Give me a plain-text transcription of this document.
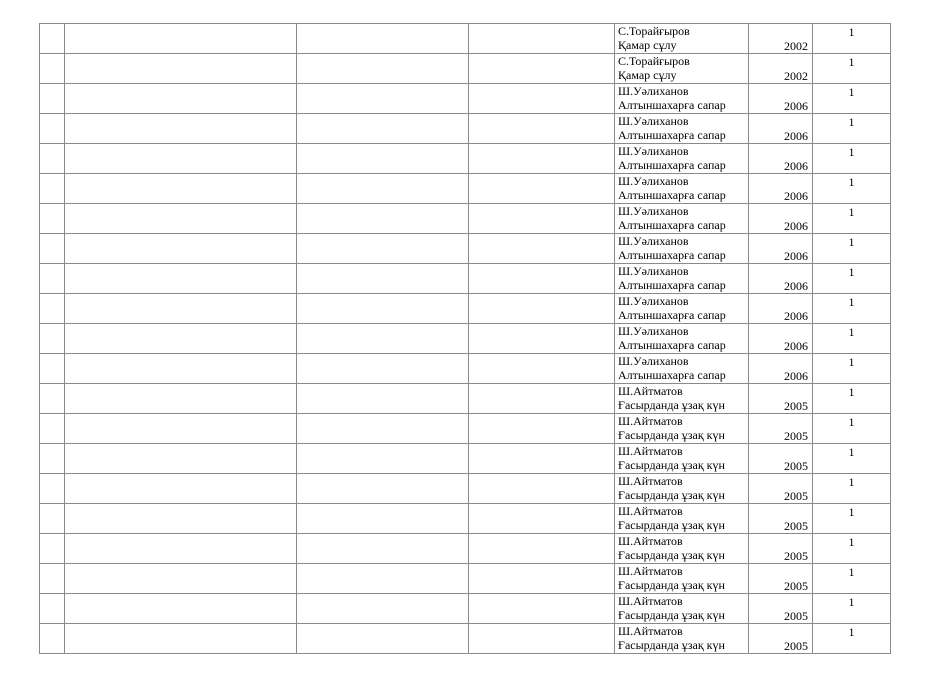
				С.Торайғыров
Қамар сұлу	2002	1

				С.Торайғыров
Қамар сұлу	2002	1

				Ш.Уәлиханов
Алтыншахарға сапар	2006	1

				Ш.Уәлиханов
Алтыншахарға сапар	2006	1

				Ш.Уәлиханов
Алтыншахарға сапар	2006	1

				Ш.Уәлиханов
Алтыншахарға сапар	2006	1

				Ш.Уәлиханов
Алтыншахарға сапар	2006	1

				Ш.Уәлиханов
Алтыншахарға сапар	2006	1

				Ш.Уәлиханов
Алтыншахарға сапар	2006	1

				Ш.Уәлиханов
Алтыншахарға сапар	2006	1

				Ш.Уәлиханов
Алтыншахарға сапар	2006	1

				Ш.Уәлиханов
Алтыншахарға сапар	2006	1

				Ш.Айтматов
Ғасырданда ұзақ күн	2005	1

				Ш.Айтматов
Ғасырданда ұзақ күн	2005	1

				Ш.Айтматов
Ғасырданда ұзақ күн	2005	1

				Ш.Айтматов
Ғасырданда ұзақ күн	2005	1

				Ш.Айтматов
Ғасырданда ұзақ күн	2005	1

				Ш.Айтматов
Ғасырданда ұзақ күн	2005	1

				Ш.Айтматов
Ғасырданда ұзақ күн	2005	1

				Ш.Айтматов
Ғасырданда ұзақ күн	2005	1

				Ш.Айтматов
Ғасырданда ұзақ күн	2005	1
